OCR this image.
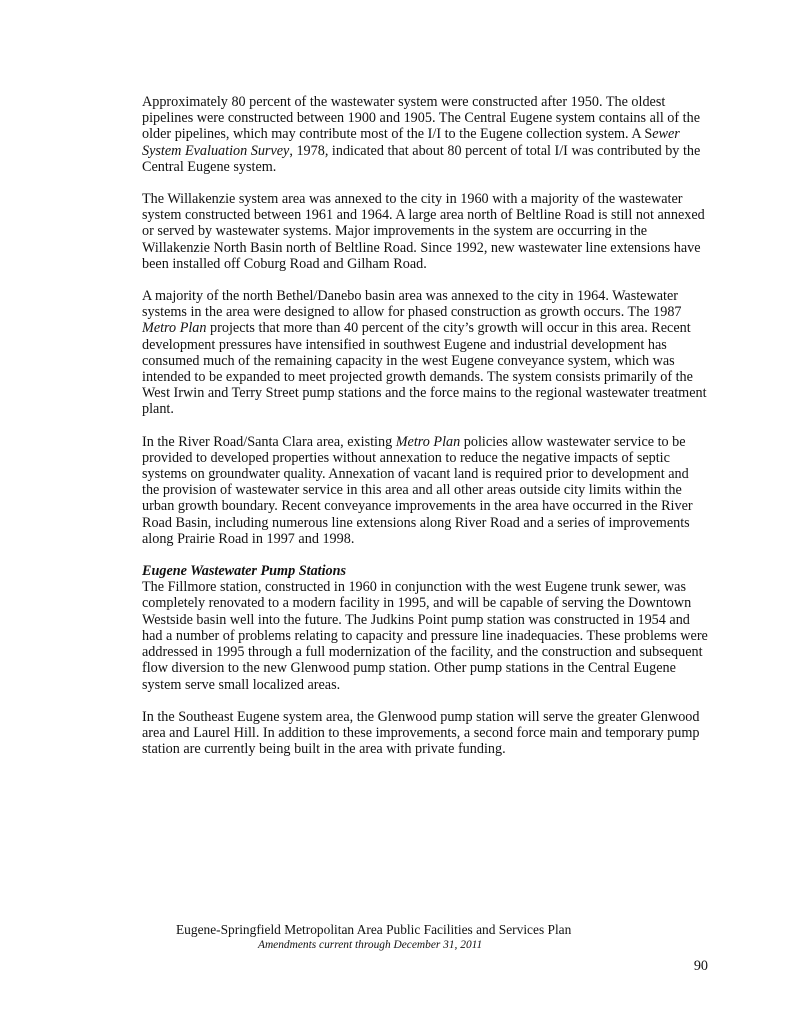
Approximately 80 percent of the wastewater system were constructed after 1950. The oldest pipelines were constructed between 1900 and 1905. The Central Eugene system contains all of the older pipelines, which may contribute most of the I/I to the Eugene collection system. A Sewer System Evaluation Survey, 1978, indicated that about 80 percent of total I/I was contributed by the Central Eugene system.

The Willakenzie system area was annexed to the city in 1960 with a majority of the wastewater system constructed between 1961 and 1964. A large area north of Beltline Road is still not annexed or served by wastewater systems. Major improvements in the system are occurring in the Willakenzie North Basin north of Beltline Road. Since 1992, new wastewater line extensions have been installed off Coburg Road and Gilham Road.

A majority of the north Bethel/Danebo basin area was annexed to the city in 1964. Wastewater systems in the area were designed to allow for phased construction as growth occurs. The 1987 Metro Plan projects that more than 40 percent of the city’s growth will occur in this area. Recent development pressures have intensified in southwest Eugene and industrial development has consumed much of the remaining capacity in the west Eugene conveyance system, which was intended to be expanded to meet projected growth demands. The system consists primarily of the West Irwin and Terry Street pump stations and the force mains to the regional wastewater treatment plant.

In the River Road/Santa Clara area, existing Metro Plan policies allow wastewater service to be provided to developed properties without annexation to reduce the negative impacts of septic systems on groundwater quality. Annexation of vacant land is required prior to development and the provision of wastewater service in this area and all other areas outside city limits within the urban growth boundary. Recent conveyance improvements in the area have occurred in the River Road Basin, including numerous line extensions along River Road and a series of improvements along Prairie Road in 1997 and 1998.

Eugene Wastewater Pump Stations

The Fillmore station, constructed in 1960 in conjunction with the west Eugene trunk sewer, was completely renovated to a modern facility in 1995, and will be capable of serving the Downtown Westside basin well into the future. The Judkins Point pump station was constructed in 1954 and had a number of problems relating to capacity and pressure line inadequacies. These problems were addressed in 1995 through a full modernization of the facility, and the construction and subsequent flow diversion to the new Glenwood pump station. Other pump stations in the Central Eugene system serve small localized areas.

In the Southeast Eugene system area, the Glenwood pump station will serve the greater Glenwood area and Laurel Hill. In addition to these improvements, a second force main and temporary pump station are currently being built in the area with private funding.

Eugene-Springfield Metropolitan Area Public Facilities and Services Plan
Amendments current through December 31, 2011
90
